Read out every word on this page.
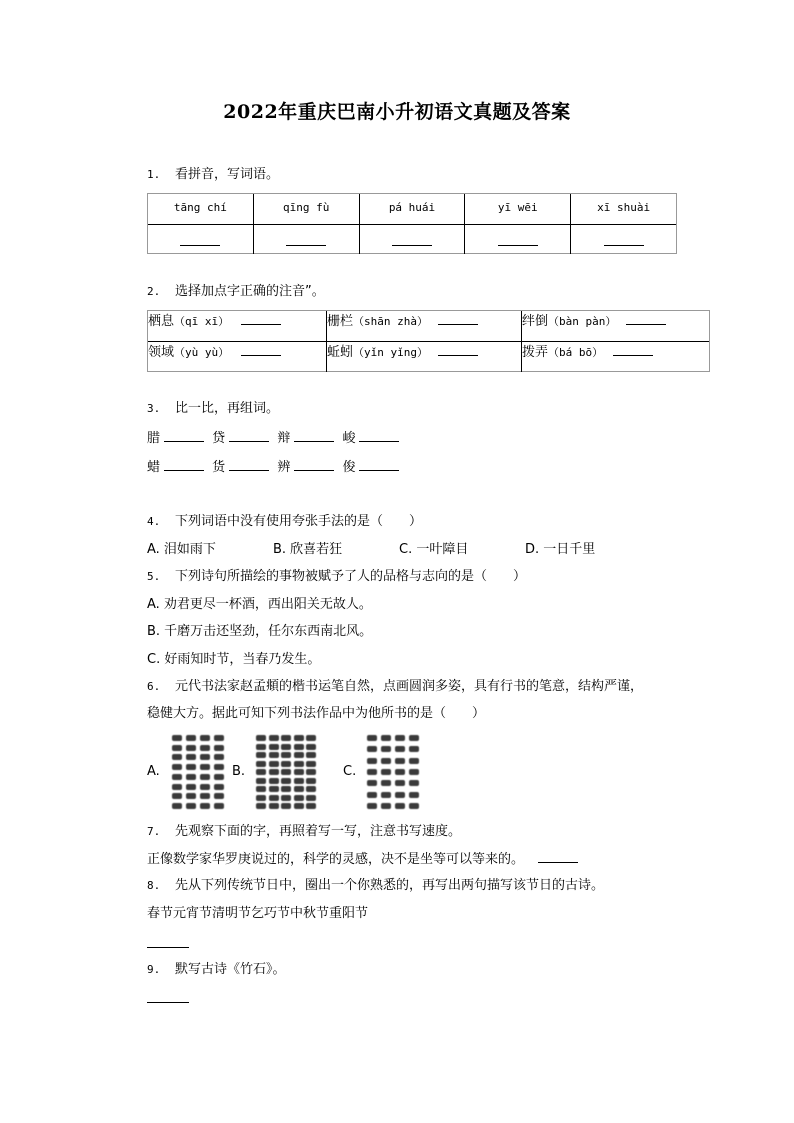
2022年重庆巴南小升初语文真题及答案
1. 看拼音，写词语。
tāng chí	qīng fù	pá huái	yī wēi	xī shuài
2. 选择加点字正确的注音”。
栖息（qī xī）	栅栏（shān zhà）	绊倒（bàn pàn）
领域（yù yù）	蚯蚓（yǐn yǐng）	拨弄（bá bō）
3. 比一比，再组词。
腊	贷	辩	峻
蜡	货	辨	俊
4. 下列词语中没有使用夸张手法的是（　　）
A. 泪如雨下	B. 欣喜若狂	C. 一叶障目	D. 一日千里
5. 下列诗句所描绘的事物被赋予了人的品格与志向的是（　　）
A. 劝君更尽一杯酒，西出阳关无故人。
B. 千磨万击还坚劲，任尔东西南北风。
C. 好雨知时节，当春乃发生。
6. 元代书法家赵孟頫的楷书运笔自然，点画圆润多姿，具有行书的笔意，结构严谨，
稳健大方。据此可知下列书法作品中为他所书的是（　　）
A.	B.	C.
7. 先观察下面的字，再照着写一写，注意书写速度。
正像数学家华罗庚说过的，科学的灵感，决不是坐等可以等来的。
8. 先从下列传统节日中，圈出一个你熟悉的，再写出两句描写该节日的古诗。
春节元宵节清明节乞巧节中秋节重阳节
9. 默写古诗《竹石》。
